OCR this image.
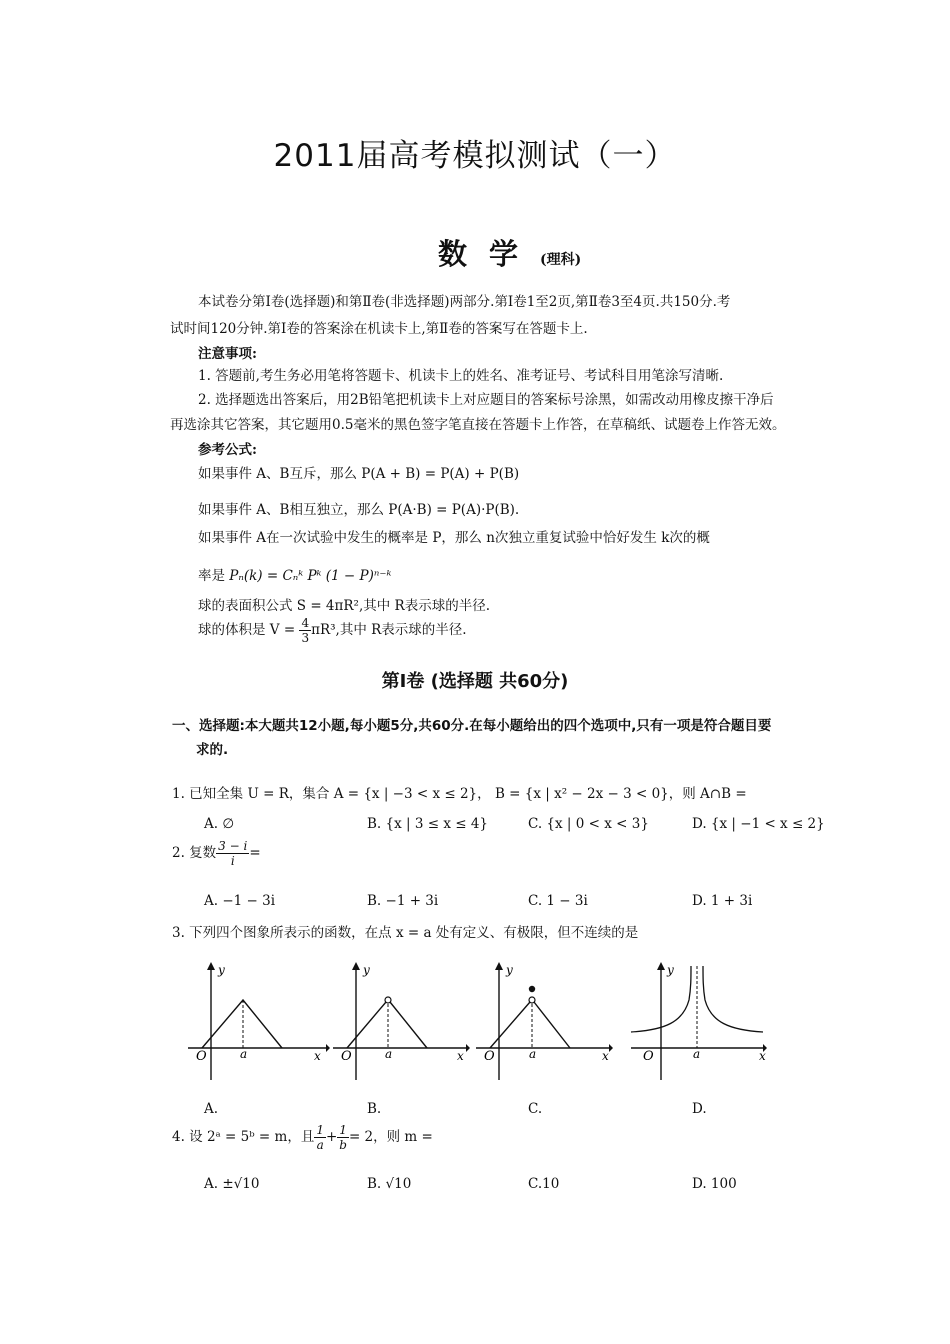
2011届高考模拟测试（一）
数学(理科)
本试卷分第Ⅰ卷(选择题)和第Ⅱ卷(非选择题)两部分.第Ⅰ卷1至2页,第Ⅱ卷3至4页.共150分.考
试时间120分钟.第Ⅰ卷的答案涂在机读卡上,第Ⅱ卷的答案写在答题卡上.
注意事项:
1. 答题前,考生务必用笔将答题卡、机读卡上的姓名、准考证号、考试科目用笔涂写清晰.
2. 选择题选出答案后，用2B铅笔把机读卡上对应题目的答案标号涂黑，如需改动用橡皮擦干净后
再选涂其它答案，其它题用0.5毫米的黑色签字笔直接在答题卡上作答，在草稿纸、试题卷上作答无效。
参考公式:
如果事件 A、B互斥，那么 P(A + B) = P(A) + P(B)
如果事件 A、B相互独立，那么 P(A·B) = P(A)·P(B).
如果事件 A在一次试验中发生的概率是 P，那么 n次独立重复试验中恰好发生 k次的概
率是 Pₙ(k) = Cₙᵏ Pᵏ (1 − P)ⁿ⁻ᵏ
球的表面积公式 S = 4πR²,其中 R表示球的半径.
球的体积是 $V = \frac{4}{3} \pi R^3$,其中 R表示球的半径.
第Ⅰ卷 (选择题 共60分)
一、选择题:本大题共12小题,每小题5分,共60分.在每小题给出的四个选项中,只有一项是符合题目要
求的.
1. 已知全集 U = R，集合 A = {x | −3 < x ≤ 2}， B = {x | x² − 2x − 3 < 0}，则 A∩B =
A. ∅	B. {x | 3 ≤ x ≤ 4}	C. {x | 0 < x < 3}	D. {x | −1 < x ≤ 2}
2. 复数 $\frac{3 - i}{i}$ =
A. −1 − 3i	B. −1 + 3i	C. 1 − 3i	D. 1 + 3i
3. 下列四个图象所表示的函数，在点 x = a 处有定义、有极限，但不连续的是
y
O	a	x
y
O	a	x
y
O	a	x
y
O	a	x
A.	B.	C.	D.
4. 设 2ᵃ = 5ᵇ = m，且 $\frac{1}{a} + \frac{1}{b} = 2$，则 m =
A. ±√10	B. √10	C.10	D. 100
